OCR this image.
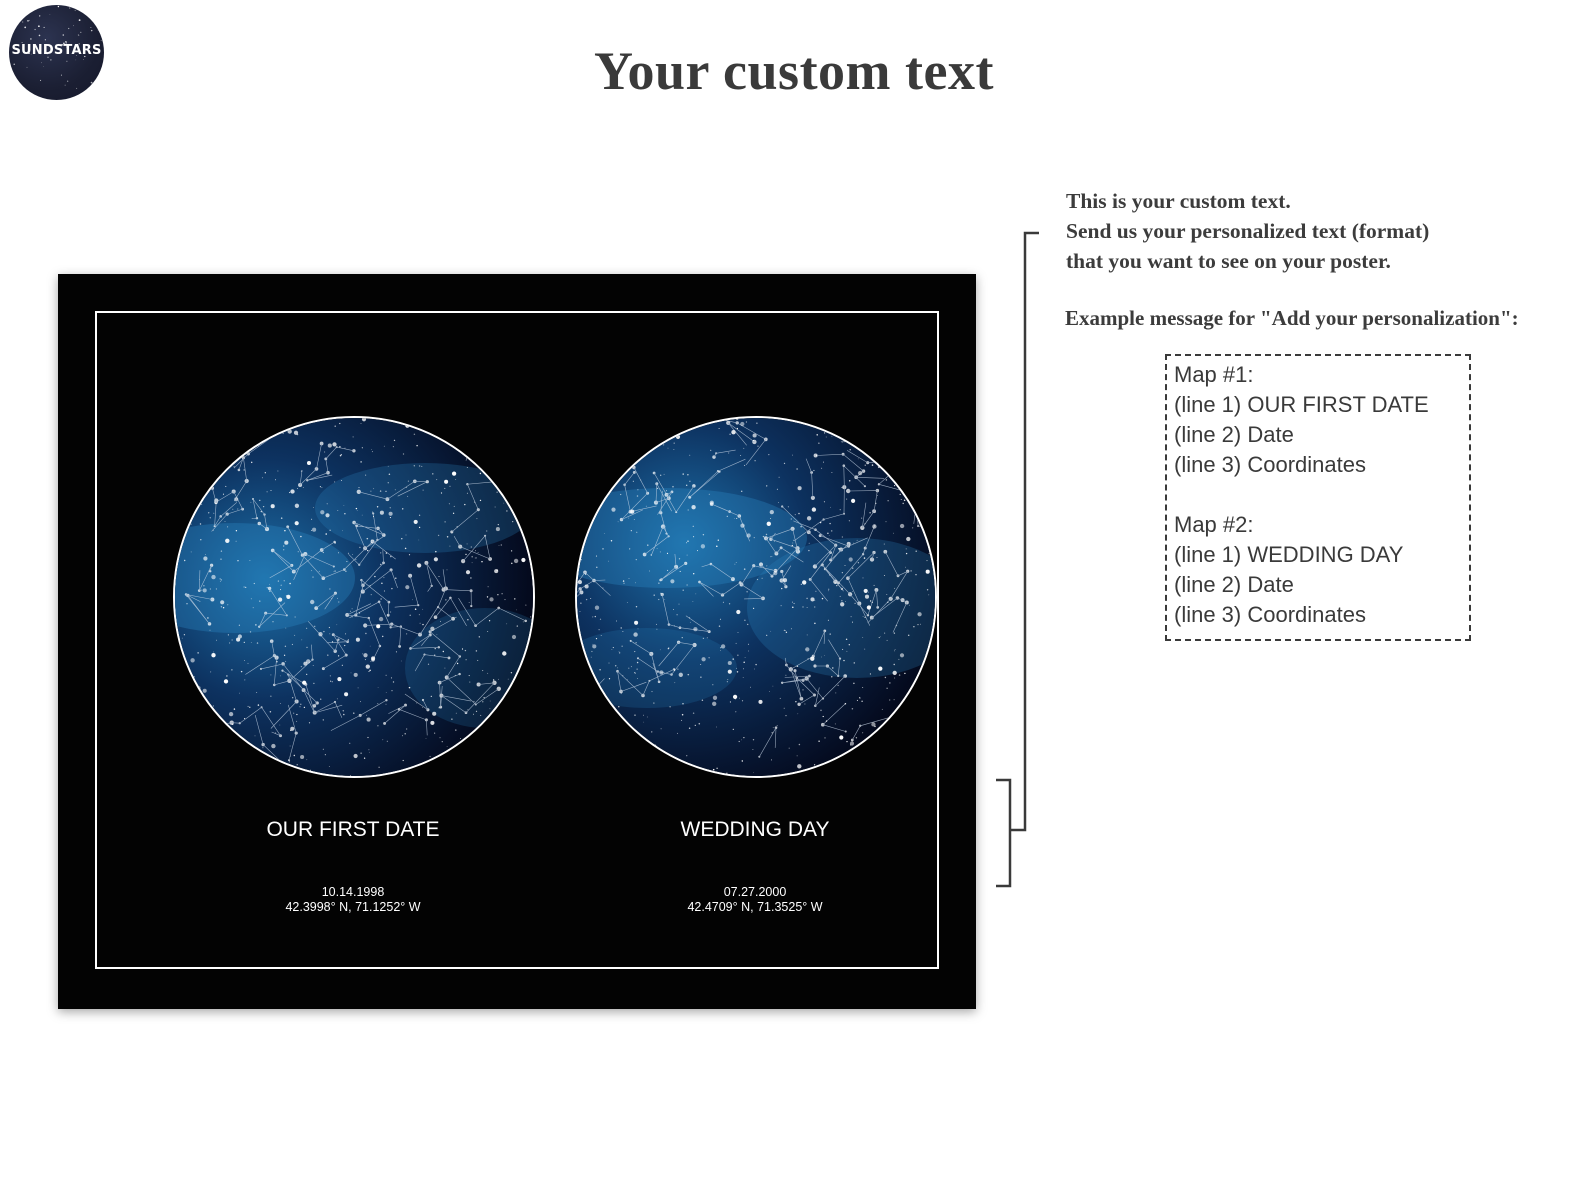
SUNDSTARS	Your custom text
OUR FIRST DATE
10.14.1998
42.3998° N, 71.1252° W
WEDDING DAY
07.27.2000
42.4709° N, 71.3525° W
This is your custom text.
Send us your personalized text (format)
that you want to see on your poster.
Example message for "Add your personalization":
Map #1:
(line 1) OUR FIRST DATE
(line 2) Date
(line 3) Coordinates
Map #2:
(line 1) WEDDING DAY
(line 2) Date
(line 3) Coordinates
